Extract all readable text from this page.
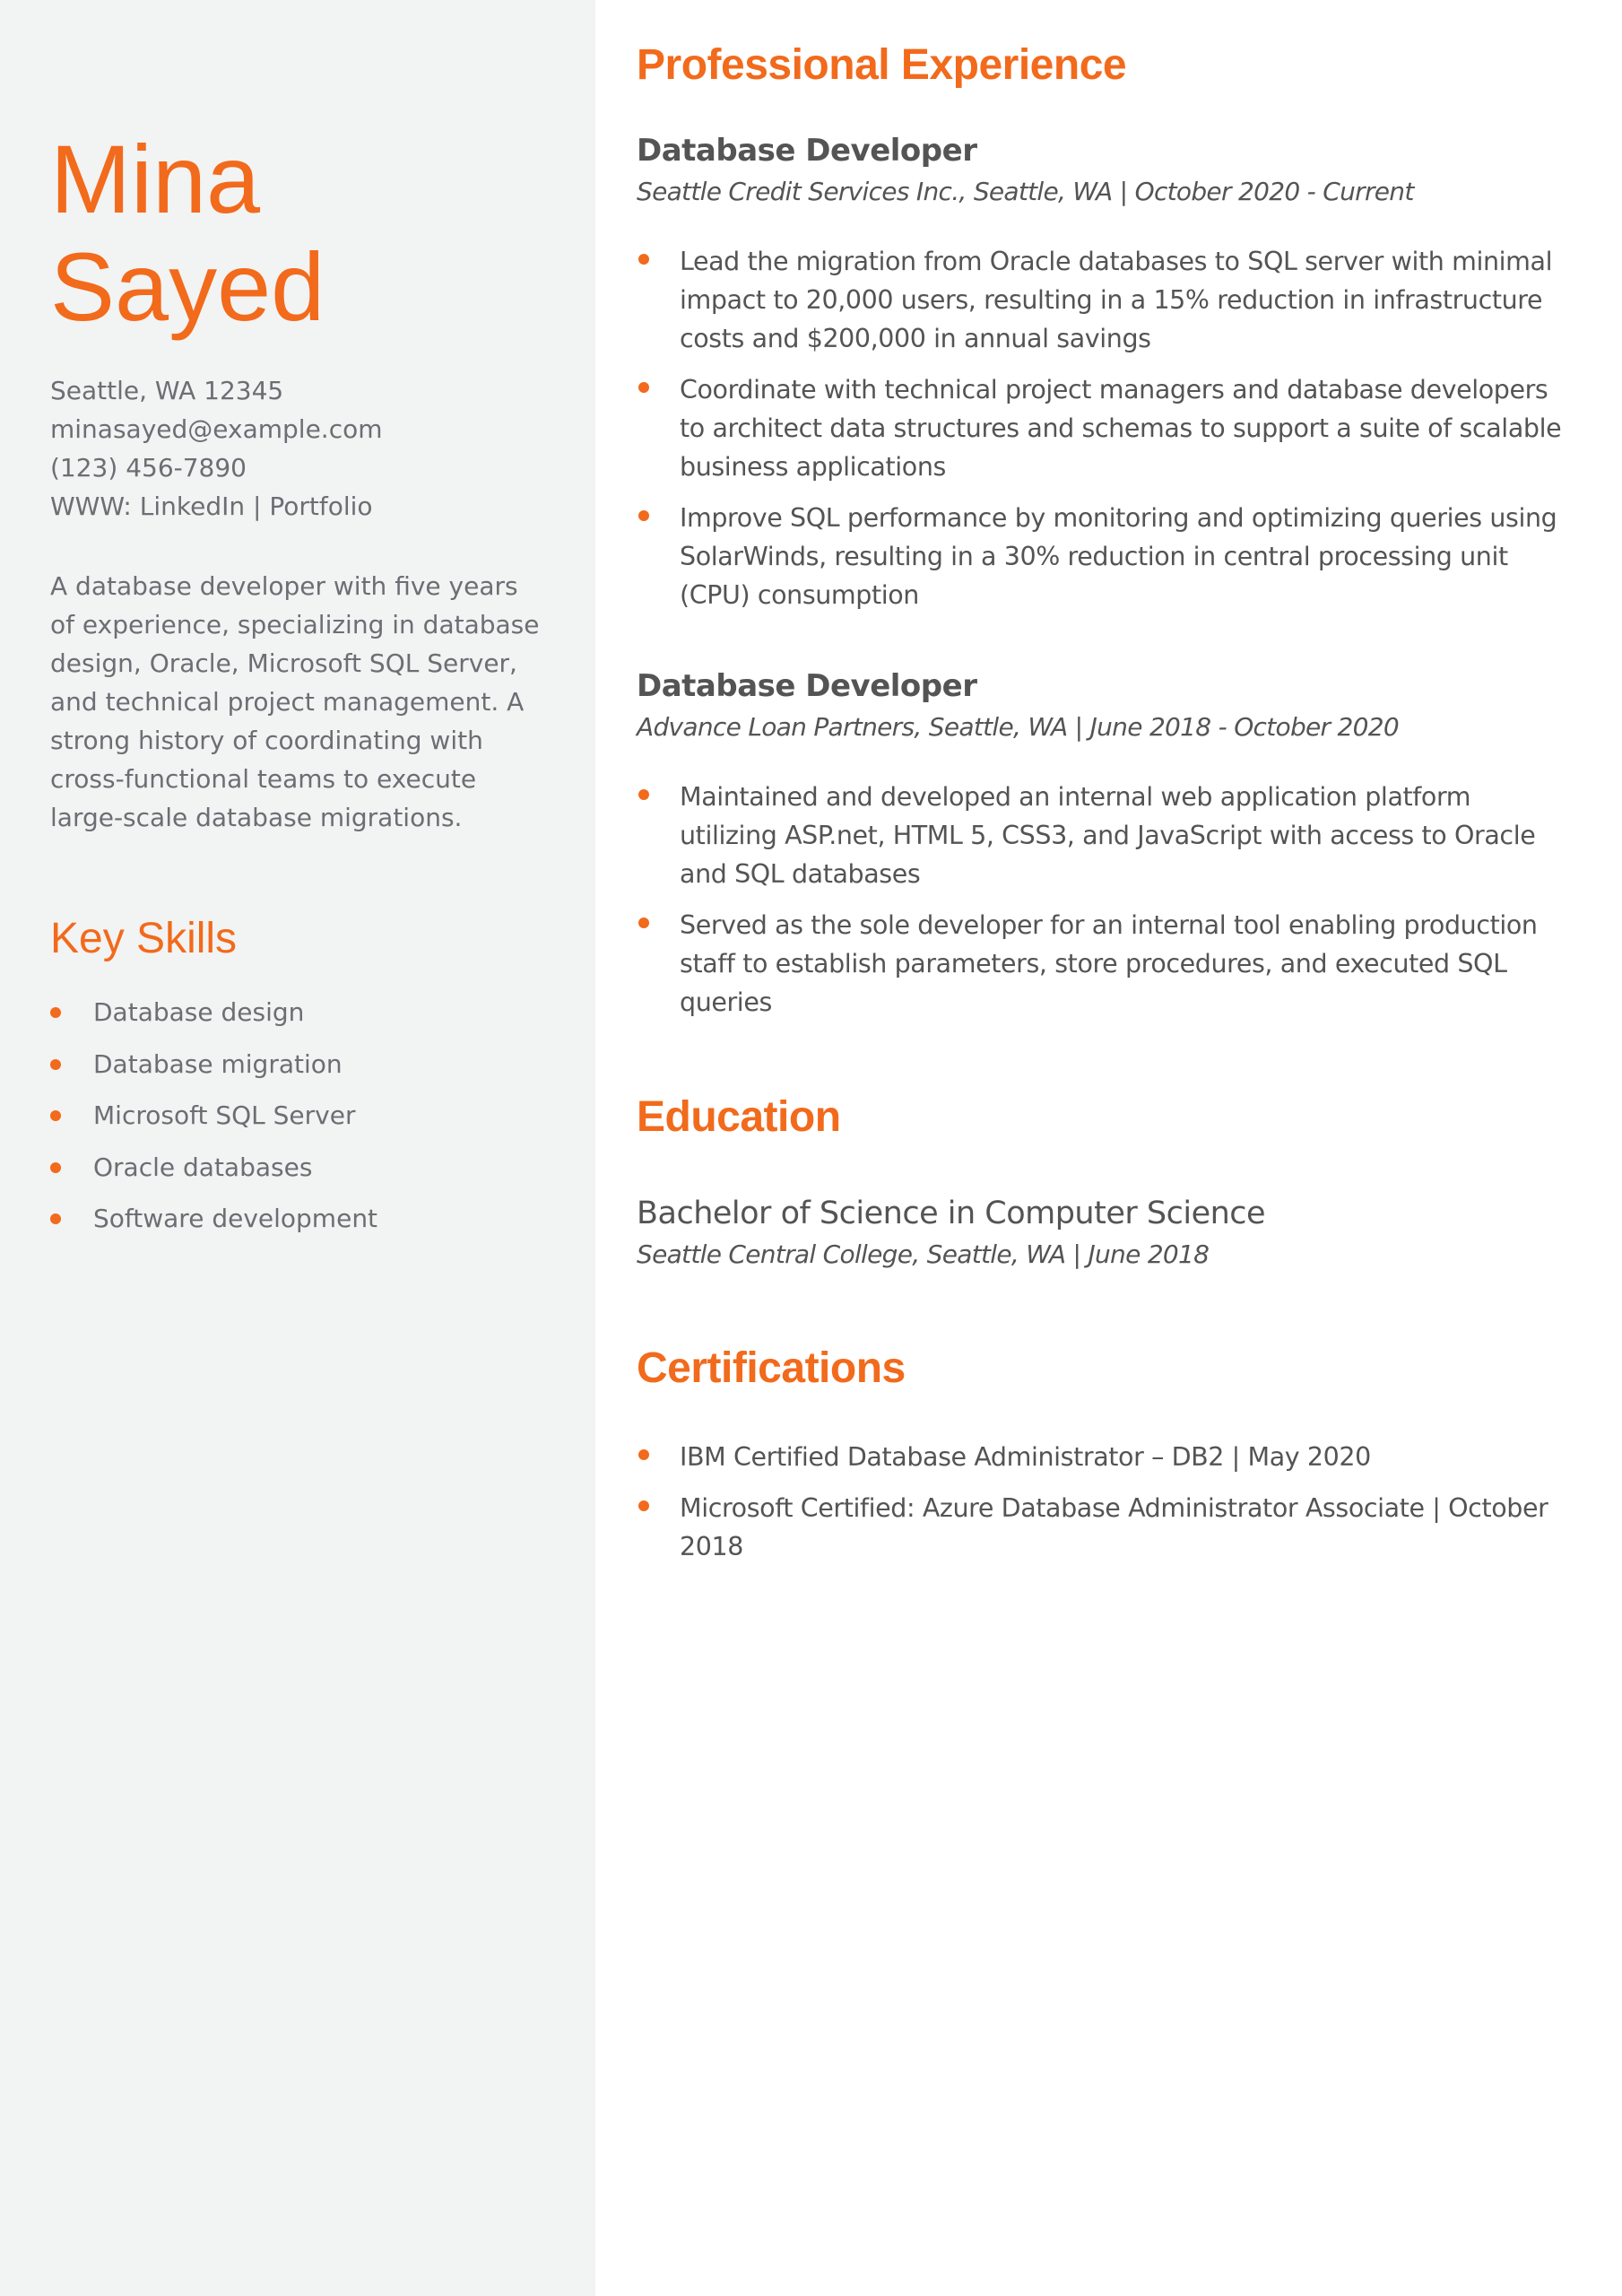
Mina
Sayed
Seattle, WA 12345
minasayed@example.com
(123) 456-7890
WWW: LinkedIn | Portfolio

A database developer with five years of experience, specializing in database design, Oracle, Microsoft SQL Server, and technical project management. A strong history of coordinating with cross-functional teams to execute large-scale database migrations.

Key Skills
Database design
Database migration
Microsoft SQL Server
Oracle databases
Software development
Professional Experience
Database Developer
Seattle Credit Services Inc., Seattle, WA | October 2020 - Current
Lead the migration from Oracle databases to SQL server with minimal impact to 20,000 users, resulting in a 15% reduction in infrastructure costs and $200,000 in annual savings
Coordinate with technical project managers and database developers to architect data structures and schemas to support a suite of scalable business applications
Improve SQL performance by monitoring and optimizing queries using SolarWinds, resulting in a 30% reduction in central processing unit (CPU) consumption
Database Developer
Advance Loan Partners, Seattle, WA | June 2018 - October 2020
Maintained and developed an internal web application platform utilizing ASP.net, HTML 5, CSS3, and JavaScript with access to Oracle and SQL databases
Served as the sole developer for an internal tool enabling production staff to establish parameters, store procedures, and executed SQL queries
Education
Bachelor of Science in Computer Science
Seattle Central College, Seattle, WA | June 2018
Certifications
IBM Certified Database Administrator – DB2 | May 2020
Microsoft Certified: Azure Database Administrator Associate | October 2018
